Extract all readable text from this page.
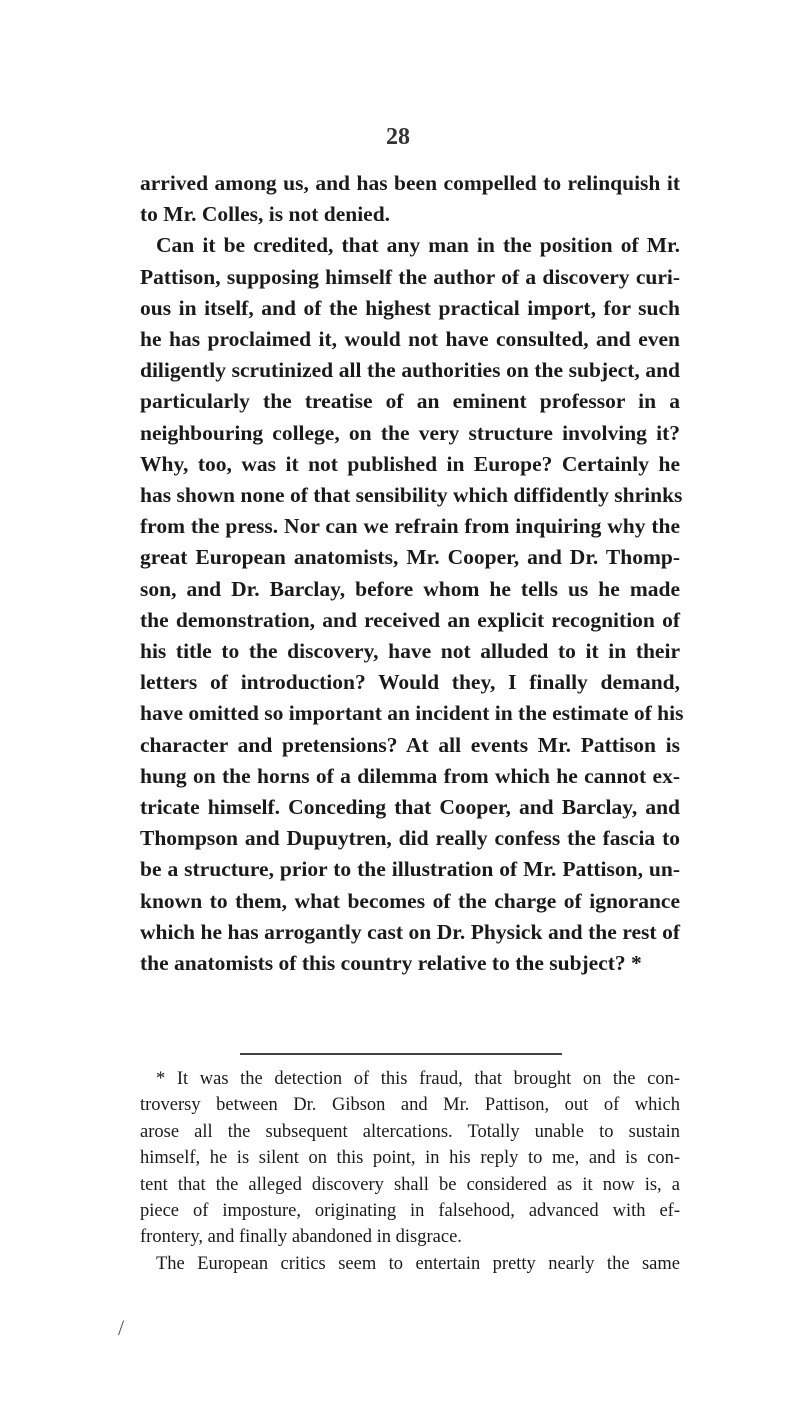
28
arrived among us, and has been compelled to relinquish it
to Mr. Colles, is not denied.
Can it be credited, that any man in the position of Mr.
Pattison, supposing himself the author of a discovery curi-
ous in itself, and of the highest practical import, for such
he has proclaimed it, would not have consulted, and even
diligently scrutinized all the authorities on the subject, and
particularly the treatise of an eminent professor in a
neighbouring college, on the very structure involving it?
Why, too, was it not published in Europe? Certainly he
has shown none of that sensibility which diffidently shrinks
from the press. Nor can we refrain from inquiring why the
great European anatomists, Mr. Cooper, and Dr. Thomp-
son, and Dr. Barclay, before whom he tells us he made
the demonstration, and received an explicit recognition of
his title to the discovery, have not alluded to it in their
letters of introduction? Would they, I finally demand,
have omitted so important an incident in the estimate of his
character and pretensions? At all events Mr. Pattison is
hung on the horns of a dilemma from which he cannot ex-
tricate himself. Conceding that Cooper, and Barclay, and
Thompson and Dupuytren, did really confess the fascia to
be a structure, prior to the illustration of Mr. Pattison, un-
known to them, what becomes of the charge of ignorance
which he has arrogantly cast on Dr. Physick and the rest of
the anatomists of this country relative to the subject? *
* It was the detection of this fraud, that brought on the con-
troversy between Dr. Gibson and Mr. Pattison, out of which
arose all the subsequent altercations. Totally unable to sustain
himself, he is silent on this point, in his reply to me, and is con-
tent that the alleged discovery shall be considered as it now is, a
piece of imposture, originating in falsehood, advanced with ef-
frontery, and finally abandoned in disgrace.
The European critics seem to entertain pretty nearly the same
/
